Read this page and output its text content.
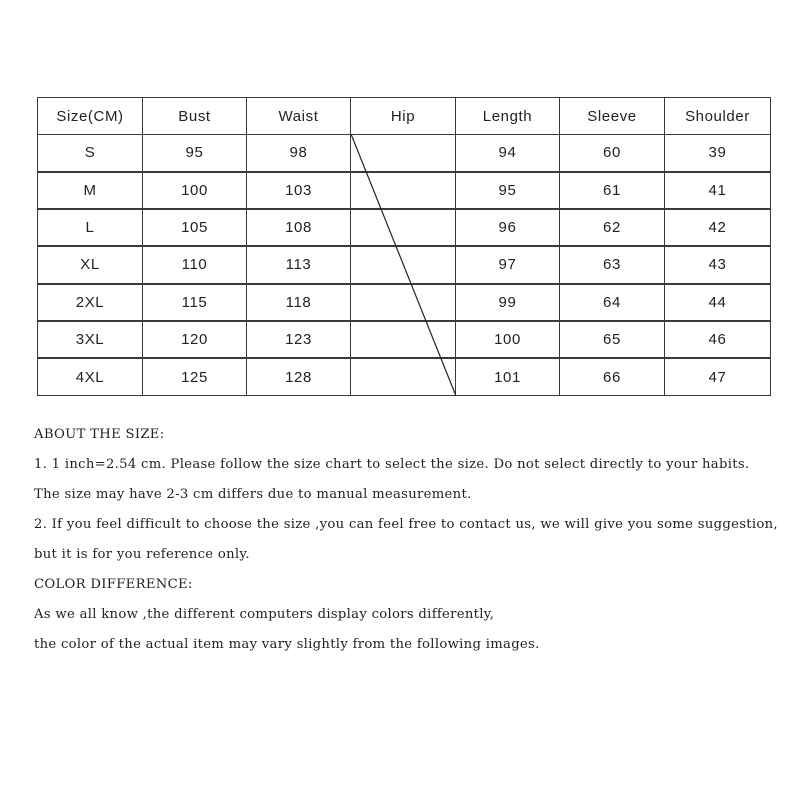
Size(CM)	Bust	Waist	Hip	Length	Sleeve	Shoulder
S	95	98		94	60	39
M	100	103		95	61	41
L	105	108		96	62	42
XL	110	113		97	63	43
2XL	115	118		99	64	44
3XL	120	123		100	65	46
4XL	125	128		101	66	47

ABOUT THE SIZE:

1. 1 inch=2.54 cm. Please follow the size chart to select the size. Do not select directly to your habits.

The size may have 2-3 cm differs due to manual measurement.

2. If you feel difficult to choose the size ,you can feel free to contact us, we will give you some suggestion,

but it is for you reference only.

COLOR DIFFERENCE:

As we all know ,the different computers display colors differently,

the color of the actual item may vary slightly from the following images.
